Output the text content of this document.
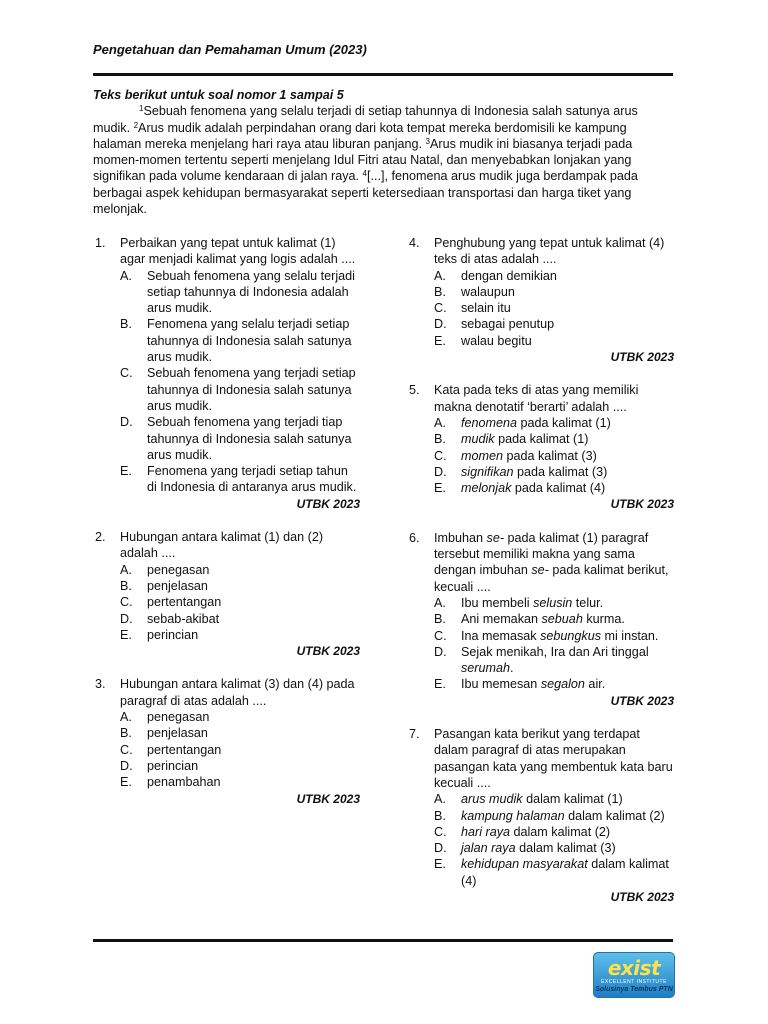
Pengetahuan dan Pemahaman Umum (2023)
Teks berikut untuk soal nomor 1 sampai 5
$^1$Sebuah fenomena yang selalu terjadi di setiap tahunnya di Indonesia salah satunya arus mudik. $^2$Arus mudik adalah perpindahan orang dari kota tempat mereka berdomisili ke kampung halaman mereka menjelang hari raya atau liburan panjang. $^3$Arus mudik ini biasanya terjadi pada momen-momen tertentu seperti menjelang Idul Fitri atau Natal, dan menyebabkan lonjakan yang signifikan pada volume kendaraan di jalan raya. $^4$[...], fenomena arus mudik juga berdampak pada berbagai aspek kehidupan bermasyarakat seperti ketersediaan transportasi dan harga tiket yang melonjak.
1. Perbaikan yang tepat untuk kalimat (1) agar menjadi kalimat yang logis adalah ....
A. Sebuah fenomena yang selalu terjadi setiap tahunnya di Indonesia adalah arus mudik.
B. Fenomena yang selalu terjadi setiap tahunnya di Indonesia salah satunya arus mudik.
C. Sebuah fenomena yang terjadi setiap tahunnya di Indonesia salah satunya arus mudik.
D. Sebuah fenomena yang terjadi tiap tahunnya di Indonesia salah satunya arus mudik.
E. Fenomena yang terjadi setiap tahun di Indonesia di antaranya arus mudik.
UTBK 2023
2. Hubungan antara kalimat (1) dan (2) adalah ....
A. penegasan
B. penjelasan
C. pertentangan
D. sebab-akibat
E. perincian
UTBK 2023
3. Hubungan antara kalimat (3) dan (4) pada paragraf di atas adalah ....
A. penegasan
B. penjelasan
C. pertentangan
D. perincian
E. penambahan
UTBK 2023
4. Penghubung yang tepat untuk kalimat (4) teks di atas adalah ....
A. dengan demikian
B. walaupun
C. selain itu
D. sebagai penutup
E. walau begitu
UTBK 2023
5. Kata pada teks di atas yang memiliki makna denotatif ‘berarti’ adalah ....
A. fenomena pada kalimat (1)
B. mudik pada kalimat (1)
C. momen pada kalimat (3)
D. signifikan pada kalimat (3)
E. melonjak pada kalimat (4)
UTBK 2023
6. Imbuhan se- pada kalimat (1) paragraf tersebut memiliki makna yang sama dengan imbuhan se- pada kalimat berikut, kecuali ....
A. Ibu membeli selusin telur.
B. Ani memakan sebuah kurma.
C. Ina memasak sebungkus mi instan.
D. Sejak menikah, Ira dan Ari tinggal serumah.
E. Ibu memesan segalon air.
UTBK 2023
7. Pasangan kata berikut yang terdapat dalam paragraf di atas merupakan pasangan kata yang membentuk kata baru kecuali ....
A. arus mudik dalam kalimat (1)
B. kampung halaman dalam kalimat (2)
C. hari raya dalam kalimat (2)
D. jalan raya dalam kalimat (3)
E. kehidupan masyarakat dalam kalimat (4)
UTBK 2023
exist
EXCELLENT INSTITUTE
Solusinya Tembus PTN
